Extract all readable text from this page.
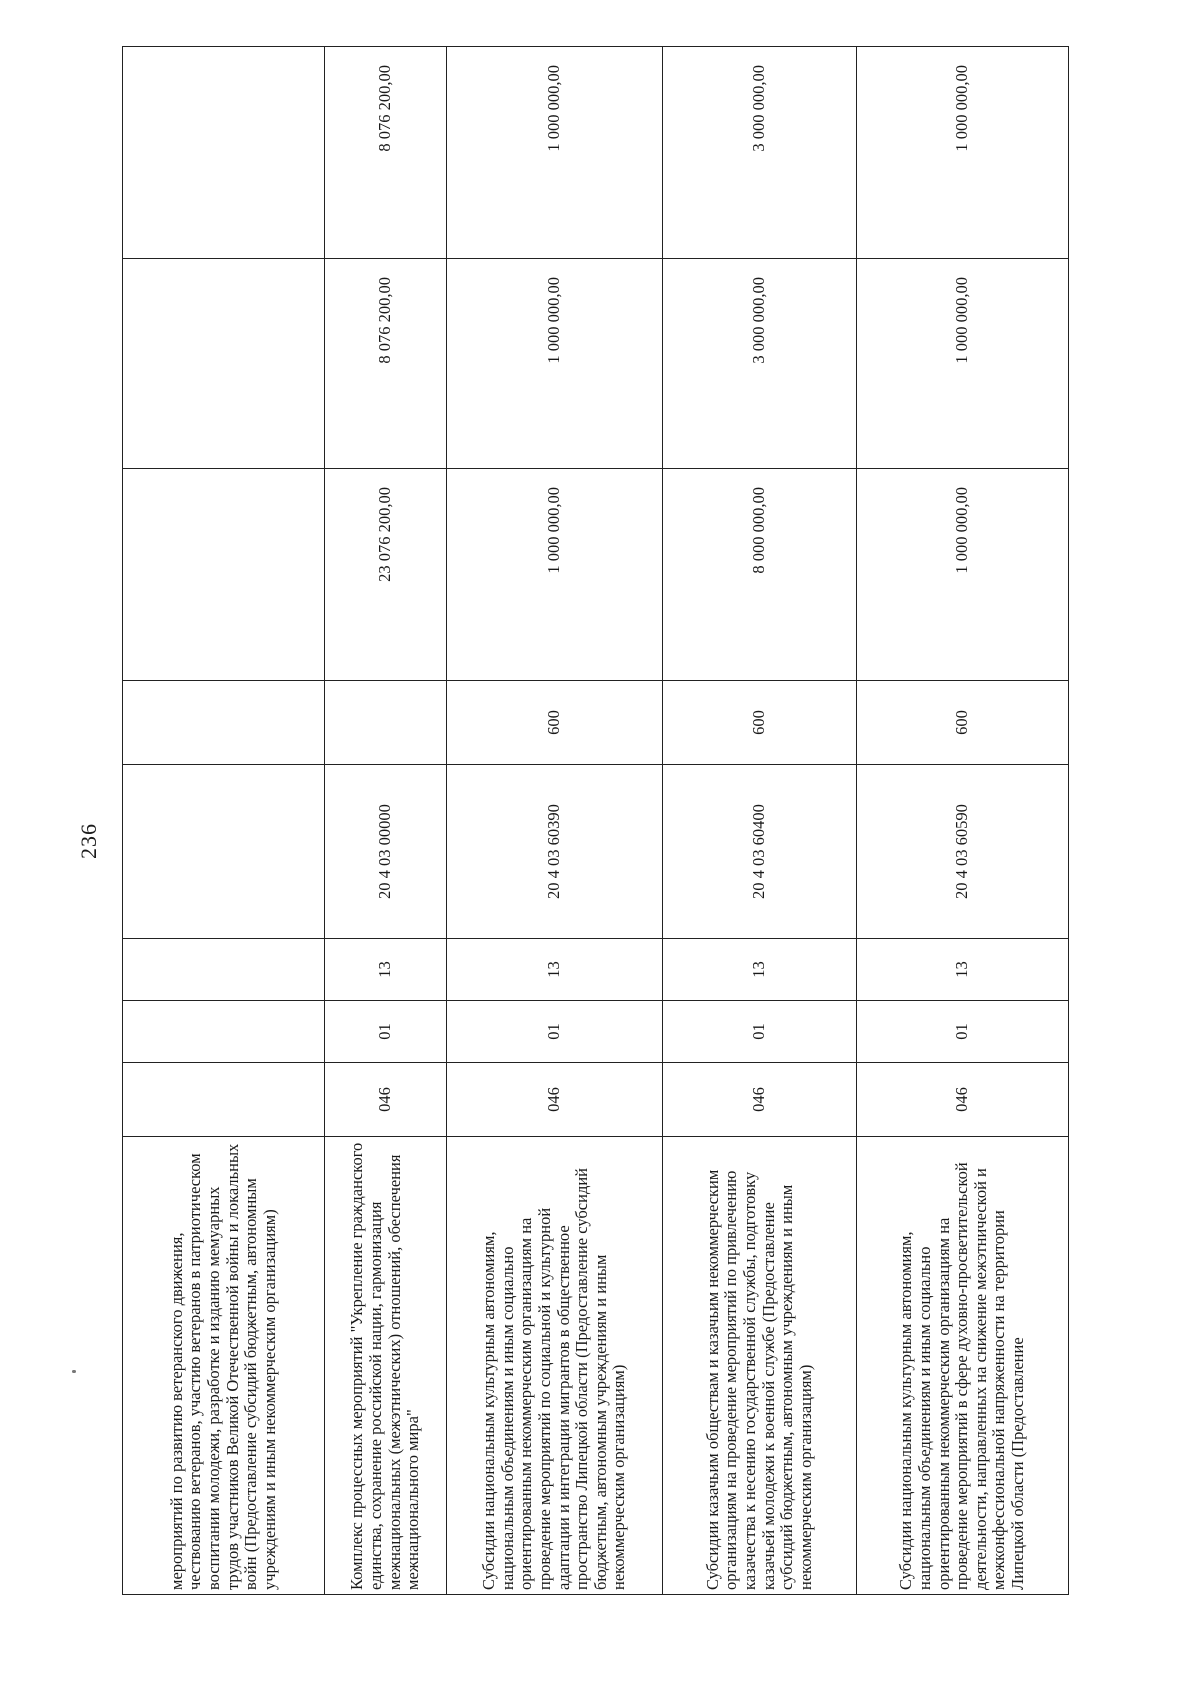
236
мероприятий по развитию ветеранского движения, чествованию ветеранов, участию ветеранов в патриотическом воспитании молодежи, разработке и изданию мемуарных трудов участников Великой Отечественной войны и локальных войн (Предоставление субсидий бюджетным, автономным учреждениям и иным некоммерческим организациям)								
Комплекс процессных мероприятий "Укрепление гражданского единства, сохранение российской нации, гармонизация межнациональных (межэтнических) отношений, обеспечения межнационального мира"	046	01	13	20 4 03 00000		23 076 200,00	8 076 200,00	8 076 200,00
Субсидии национальным культурным автономиям, национальным объединениям и иным социально ориентированным некоммерческим организациям на проведение мероприятий по социальной и культурной адаптации и интеграции мигрантов в общественное пространство Липецкой области (Предоставление субсидий бюджетным, автономным учреждениям и иным некоммерческим организациям)	046	01	13	20 4 03 60390	600	1 000 000,00	1 000 000,00	1 000 000,00
Субсидии казачьим обществам и казачьим некоммерческим организациям на проведение мероприятий по привлечению казачества к несению государственной службы, подготовку казачьей молодежи к военной службе (Предоставление субсидий бюджетным, автономным учреждениям и иным некоммерческим организациям)	046	01	13	20 4 03 60400	600	8 000 000,00	3 000 000,00	3 000 000,00
Субсидии национальным культурным автономиям, национальным объединениям и иным социально ориентированным некоммерческим организациям на проведение мероприятий в сфере духовно-просветительской деятельности, направленных на снижение межэтнической и межконфессиональной напряженности на территории Липецкой области (Предоставление	046	01	13	20 4 03 60590	600	1 000 000,00	1 000 000,00	1 000 000,00
